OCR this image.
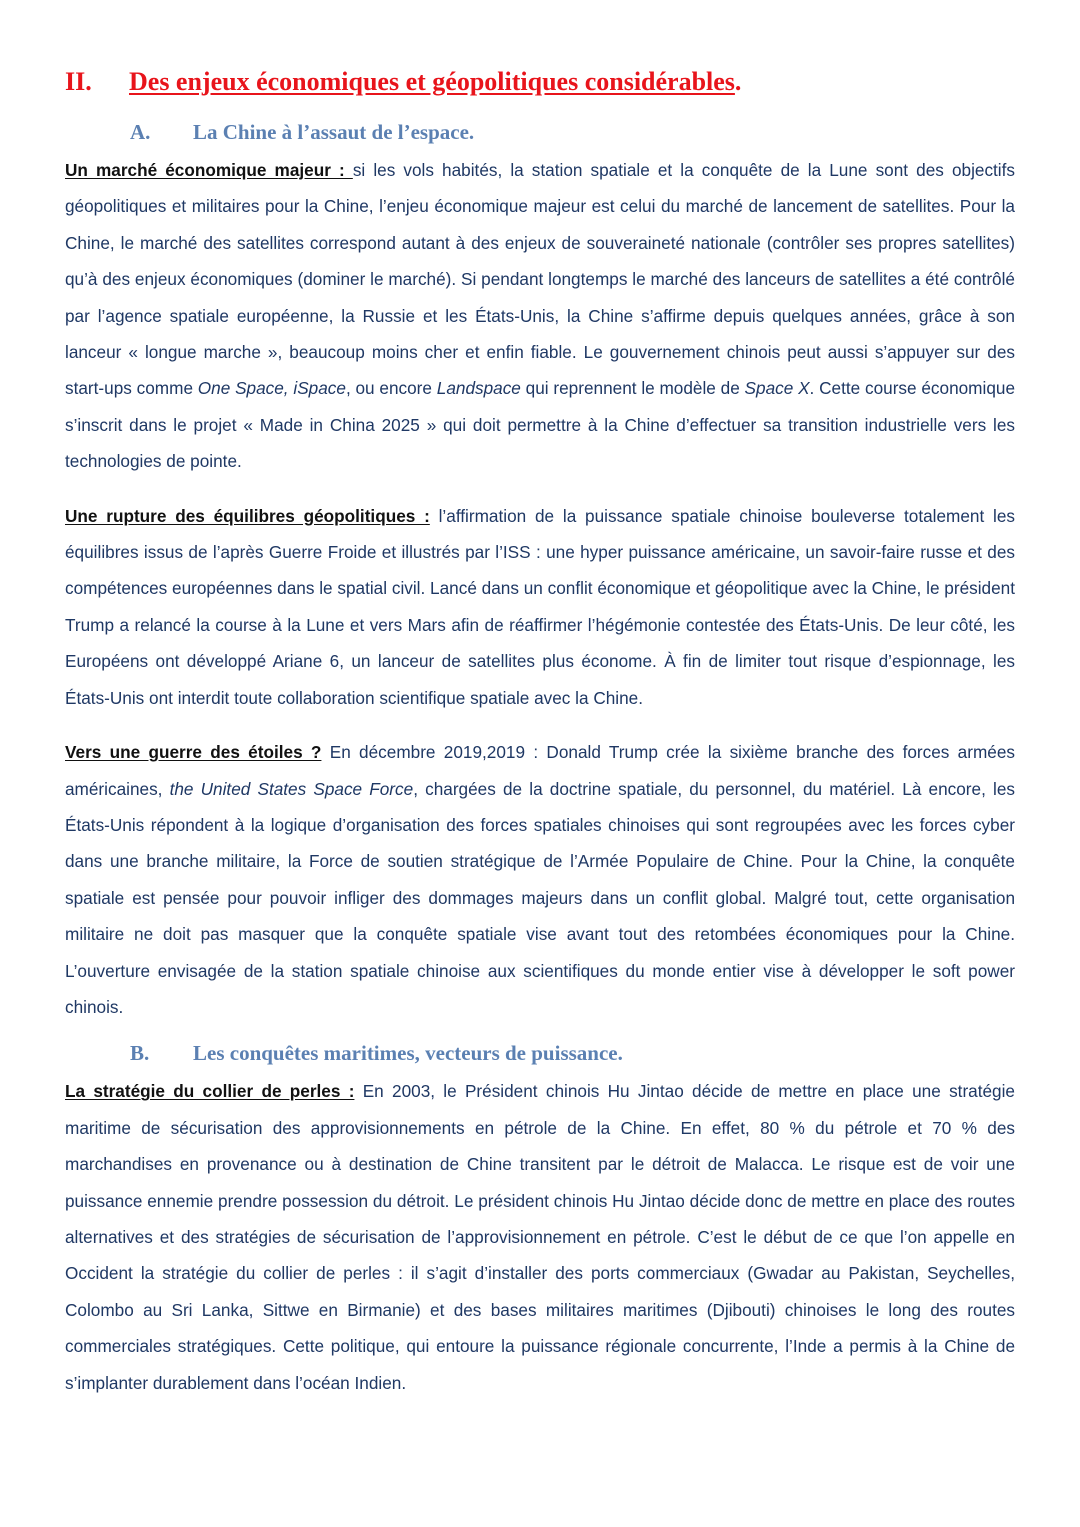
II.	Des enjeux économiques et géopolitiques considérables.
A.	La Chine à l’assaut de l’espace.

Un marché économique majeur : si les vols habités, la station spatiale et la conquête de la Lune sont des objectifs géopolitiques et militaires pour la Chine, l’enjeu économique majeur est celui du marché de lancement de satellites. Pour la Chine, le marché des satellites correspond autant à des enjeux de souveraineté nationale (contrôler ses propres satellites) qu’à des enjeux économiques (dominer le marché). Si pendant longtemps le marché des lanceurs de satellites a été contrôlé par l’agence spatiale européenne, la Russie et les États-Unis, la Chine s’affirme depuis quelques années, grâce à son lanceur « longue marche », beaucoup moins cher et enfin fiable. Le gouvernement chinois peut aussi s’appuyer sur des start-ups comme One Space, iSpace, ou encore Landspace qui reprennent le modèle de Space X. Cette course économique s’inscrit dans le projet « Made in China 2025 » qui doit permettre à la Chine d’effectuer sa transition industrielle vers les technologies de pointe.

Une rupture des équilibres géopolitiques : l’affirmation de la puissance spatiale chinoise bouleverse totalement les équilibres issus de l’après Guerre Froide et illustrés par l’ISS : une hyper puissance américaine, un savoir-faire russe et des compétences européennes dans le spatial civil. Lancé dans un conflit économique et géopolitique avec la Chine, le président Trump a relancé la course à la Lune et vers Mars afin de réaffirmer l’hégémonie contestée des États-Unis. De leur côté, les Européens ont développé Ariane 6, un lanceur de satellites plus économe. À fin de limiter tout risque d’espionnage, les États-Unis ont interdit toute collaboration scientifique spatiale avec la Chine.

Vers une guerre des étoiles ? En décembre 2019,2019 : Donald Trump crée la sixième branche des forces armées américaines, the United States Space Force, chargées de la doctrine spatiale, du personnel, du matériel. Là encore, les États-Unis répondent à la logique d’organisation des forces spatiales chinoises qui sont regroupées avec les forces cyber dans une branche militaire, la Force de soutien stratégique de l’Armée Populaire de Chine. Pour la Chine, la conquête spatiale est pensée pour pouvoir infliger des dommages majeurs dans un conflit global. Malgré tout, cette organisation militaire ne doit pas masquer que la conquête spatiale vise avant tout des retombées économiques pour la Chine. L’ouverture envisagée de la station spatiale chinoise aux scientifiques du monde entier vise à développer le soft power chinois.

B.	Les conquêtes maritimes, vecteurs de puissance.

La stratégie du collier de perles : En 2003, le Président chinois Hu Jintao décide de mettre en place une stratégie maritime de sécurisation des approvisionnements en pétrole de la Chine. En effet, 80 % du pétrole et 70 % des marchandises en provenance ou à destination de Chine transitent par le détroit de Malacca. Le risque est de voir une puissance ennemie prendre possession du détroit. Le président chinois Hu Jintao décide donc de mettre en place des routes alternatives et des stratégies de sécurisation de l’approvisionnement en pétrole. C’est le début de ce que l’on appelle en Occident la stratégie du collier de perles : il s’agit d’installer des ports commerciaux (Gwadar au Pakistan, Seychelles, Colombo au Sri Lanka, Sittwe en Birmanie) et des bases militaires maritimes (Djibouti) chinoises le long des routes commerciales stratégiques. Cette politique, qui entoure la puissance régionale concurrente, l’Inde a permis à la Chine de s’implanter durablement dans l’océan Indien.
